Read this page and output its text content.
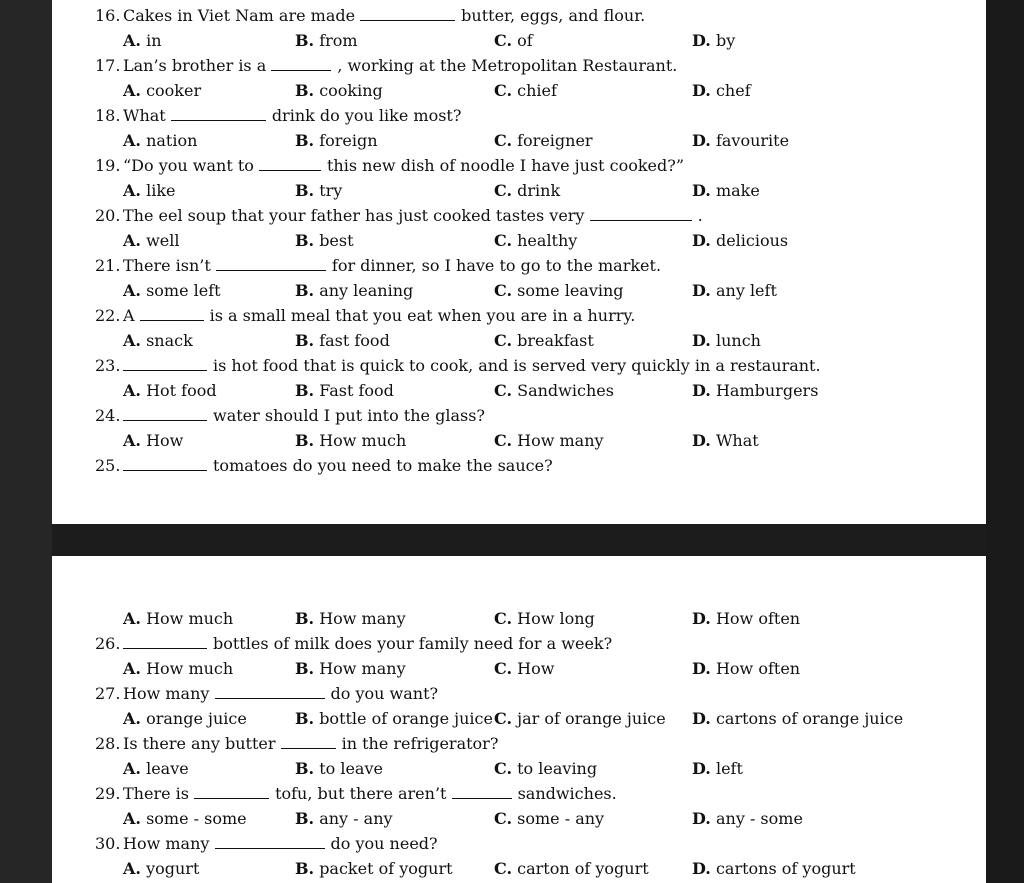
16. Cakes in Viet Nam are made	butter, eggs, and flour.
A. in	B. from	C. of	D. by
17. Lan’s brother is a	, working at the Metropolitan Restaurant.
A. cooker	B. cooking	C. chief	D. chef
18. What	drink do you like most?
A. nation	B. foreign	C. foreigner	D. favourite
19. “Do you want to	this new dish of noodle I have just cooked?”
A. like	B. try	C. drink	D. make
20. The eel soup that your father has just cooked tastes very	.
A. well	B. best	C. healthy	D. delicious
21. There isn’t	for dinner, so I have to go to the market.
A. some left	B. any leaning	C. some leaving	D. any left
22. A	is a small meal that you eat when you are in a hurry.
A. snack	B. fast food	C. breakfast	D. lunch
23.	is hot food that is quick to cook, and is served very quickly in a restaurant.
A. Hot food	B. Fast food	C. Sandwiches	D. Hamburgers
24.	water should I put into the glass?
A. How	B. How much	C. How many	D. What
25.	tomatoes do you need to make the sauce?
A. How much	B. How many	C. How long	D. How often
26.	bottles of milk does your family need for a week?
A. How much	B. How many	C. How	D. How often
27. How many	do you want?
A. orange juice	B. bottle of orange juice C. jar of orange juice D. cartons of orange juice
28. Is there any butter	in the refrigerator?
A. leave	B. to leave	C. to leaving	D. left
29. There is	tofu, but there aren’t	sandwiches.
A. some - some	B. any - any	C. some - any	D. any - some
30. How many	do you need?
A. yogurt	B. packet of yogurt	C. carton of yogurt	D. cartons of yogurt
